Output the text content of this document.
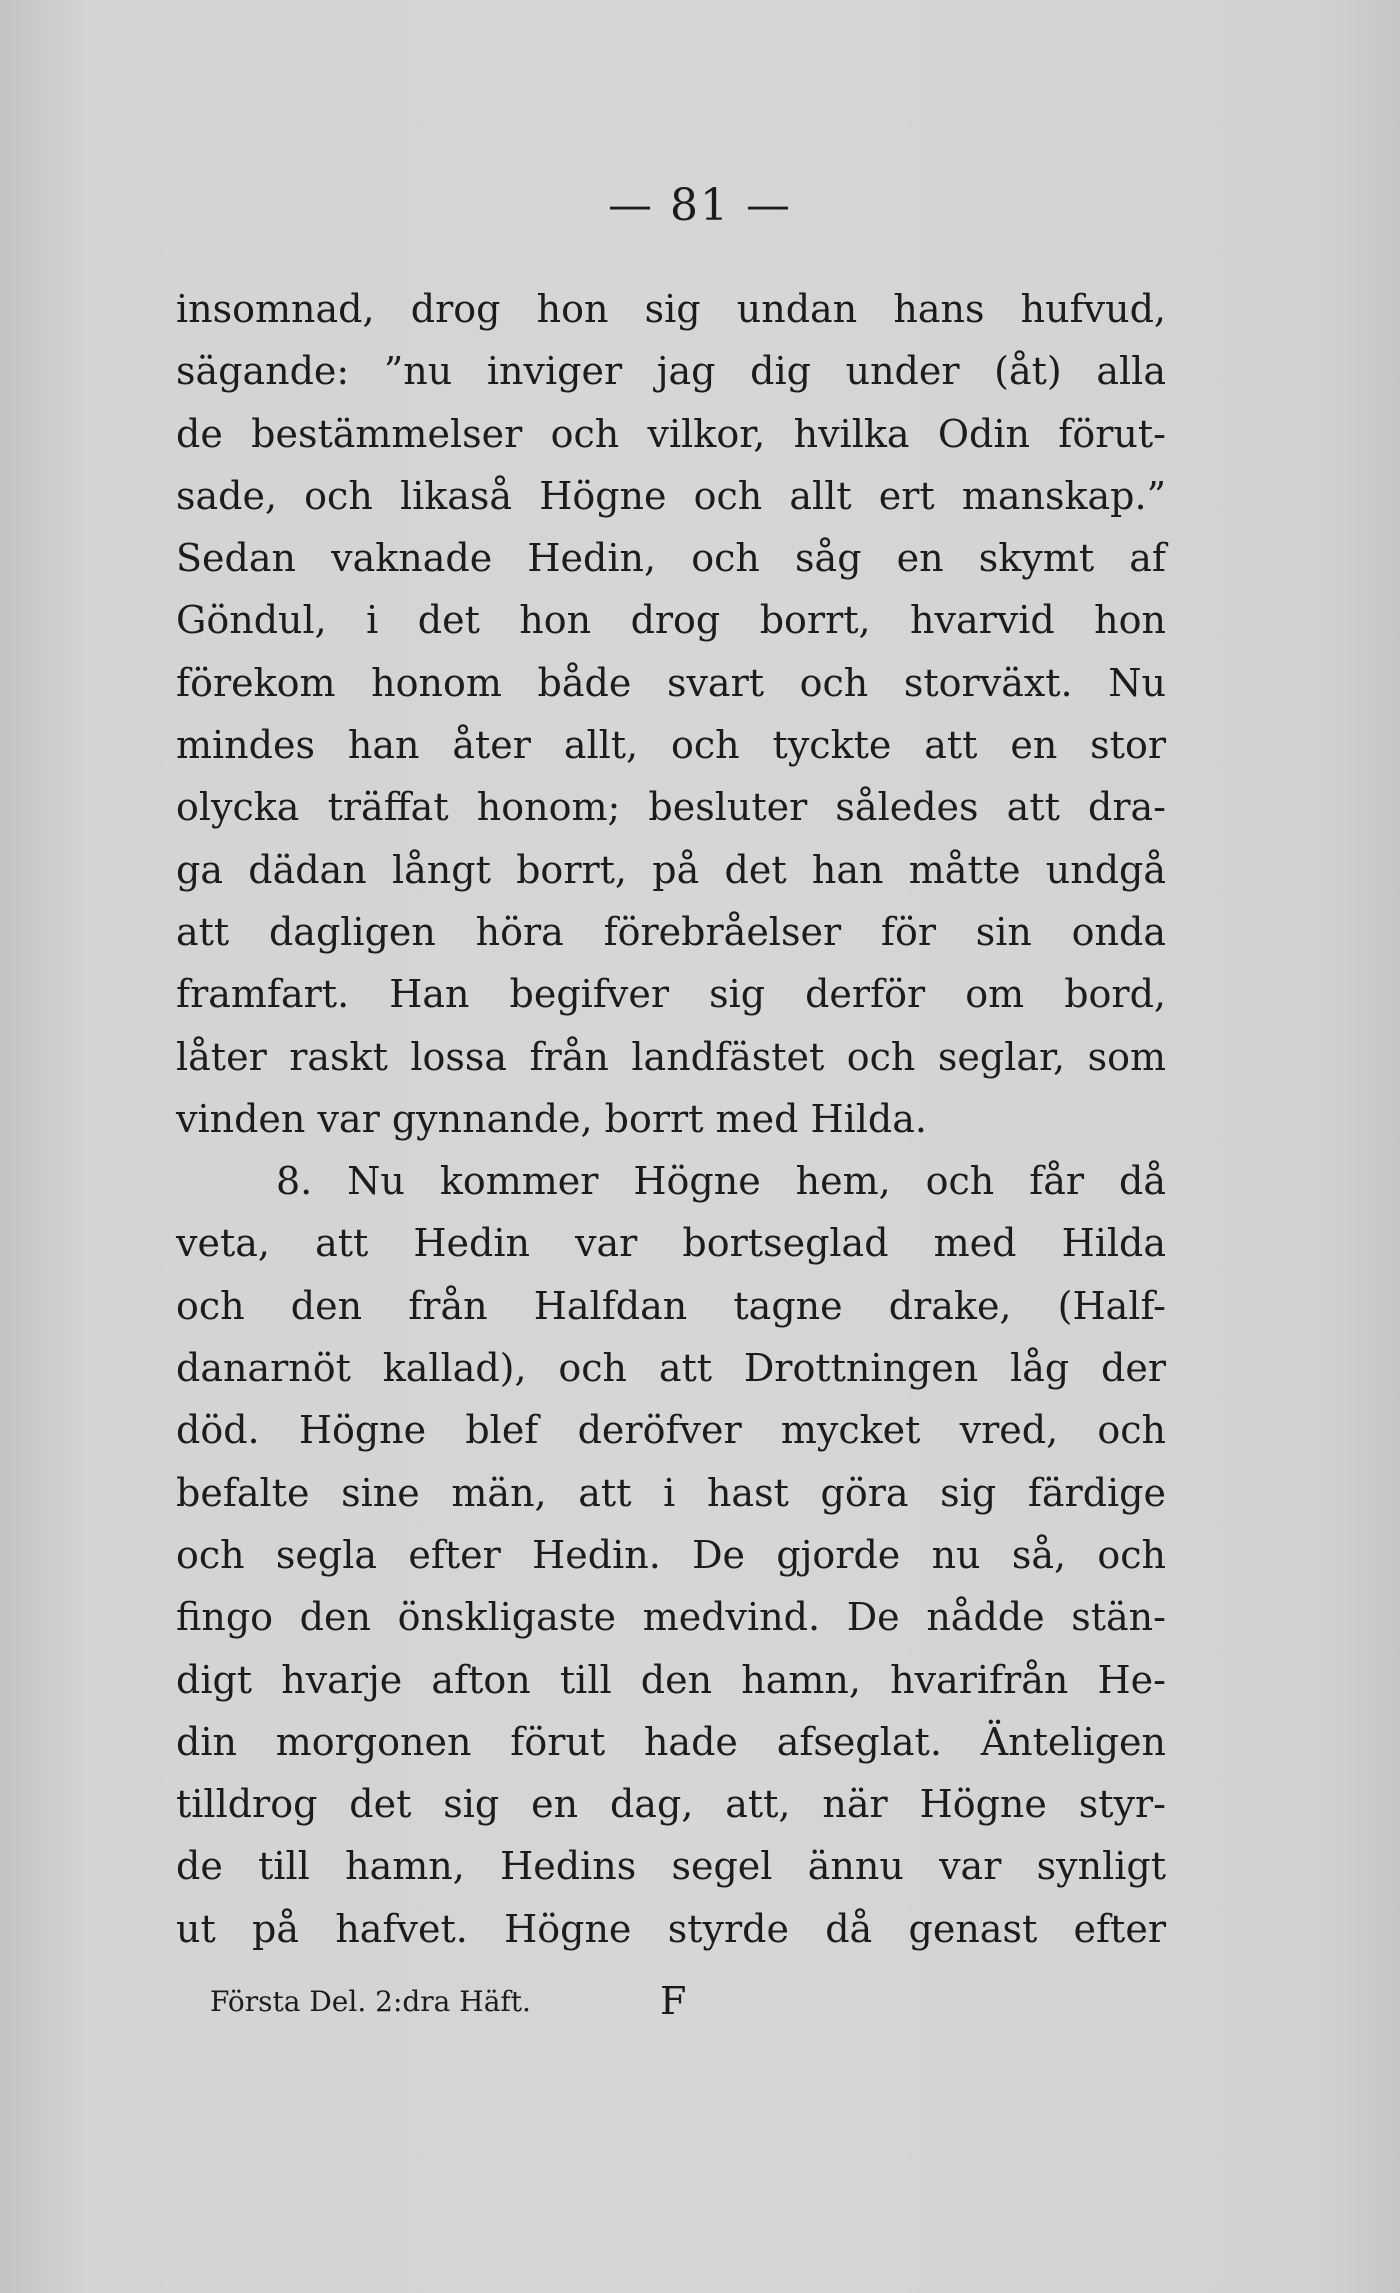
— 81 —
insomnad, drog hon sig undan hans hufvud,
sägande: ”nu inviger jag dig under (åt) alla
de bestämmelser och vilkor, hvilka Odin förut-
sade, och likaså Högne och allt ert manskap.”
Sedan vaknade Hedin, och såg en skymt af
Göndul, i det hon drog borrt, hvarvid hon
förekom honom både svart och storväxt. Nu
mindes han åter allt, och tyckte att en stor
olycka träffat honom; besluter således att dra-
ga dädan långt borrt, på det han måtte undgå
att dagligen höra förebråelser för sin onda
framfart. Han begifver sig derför om bord,
låter raskt lossa från landfästet och seglar, som
vinden var gynnande, borrt med Hilda.
8. Nu kommer Högne hem, och får då
veta, att Hedin var bortseglad med Hilda
och den från Halfdan tagne drake, (Half-
danarnöt kallad), och att Drottningen låg der
död. Högne blef deröfver mycket vred, och
befalte sine män, att i hast göra sig färdige
och segla efter Hedin. De gjorde nu så, och
fingo den önskligaste medvind. De nådde stän-
digt hvarje afton till den hamn, hvarifrån He-
din morgonen förut hade afseglat. Änteligen
tilldrog det sig en dag, att, när Högne styr-
de till hamn, Hedins segel ännu var synligt
ut på hafvet. Högne styrde då genast efter
Första Del. 2:dra Häft.	F
